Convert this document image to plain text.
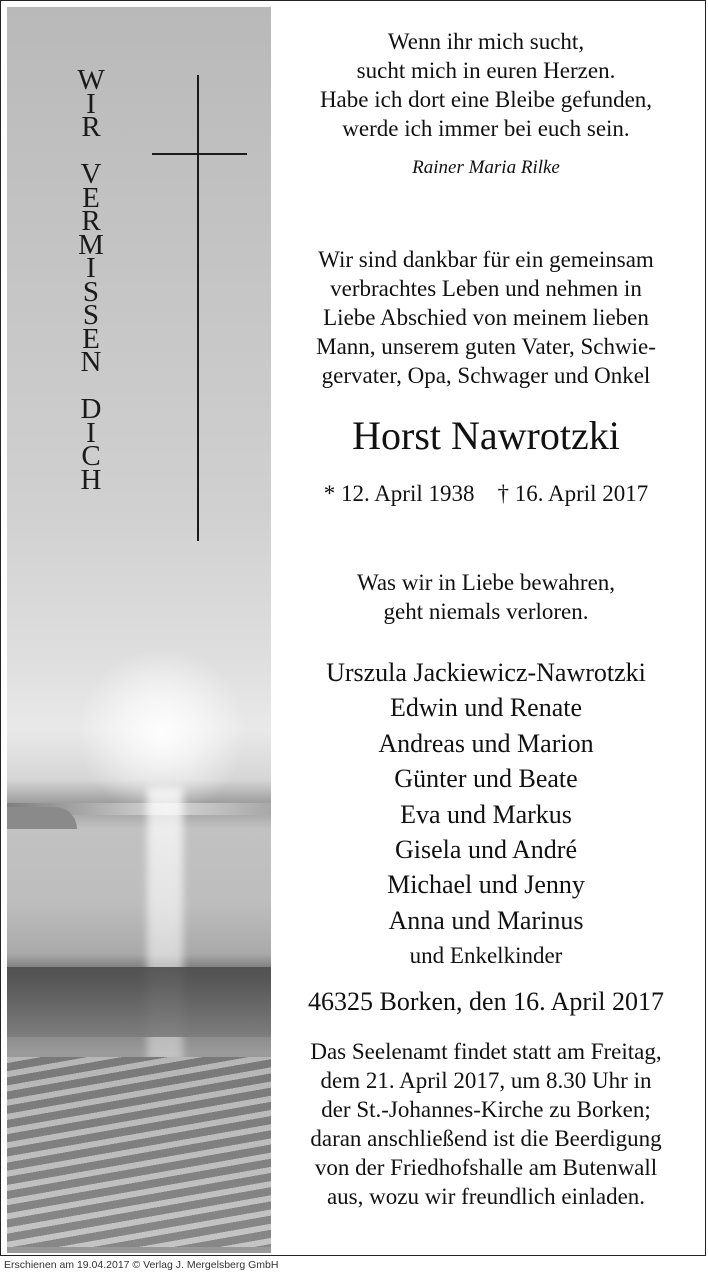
W
I
R

V
E
R
M
I
S
S
E
N

D
I
C
H
Wenn ihr mich sucht,
sucht mich in euren Herzen.
Habe ich dort eine Bleibe gefunden,
werde ich immer bei euch sein.
Rainer Maria Rilke
Wir sind dankbar für ein gemeinsam
verbrachtes Leben und nehmen in
Liebe Abschied von meinem lieben
Mann, unserem guten Vater, Schwie-
gervater, Opa, Schwager und Onkel
Horst Nawrotzki
* 12. April 1938 † 16. April 2017
Was wir in Liebe bewahren,
geht niemals verloren.
Urszula Jackiewicz-Nawrotzki
Edwin und Renate
Andreas und Marion
Günter und Beate
Eva und Markus
Gisela und André
Michael und Jenny
Anna und Marinus
und Enkelkinder
46325 Borken, den 16. April 2017
Das Seelenamt findet statt am Freitag,
dem 21. April 2017, um 8.30 Uhr in
der St.-Johannes-Kirche zu Borken;
daran anschließend ist die Beerdigung
von der Friedhofshalle am Butenwall
aus, wozu wir freundlich einladen.
Erschienen am 19.04.2017 © Verlag J. Mergelsberg GmbH
